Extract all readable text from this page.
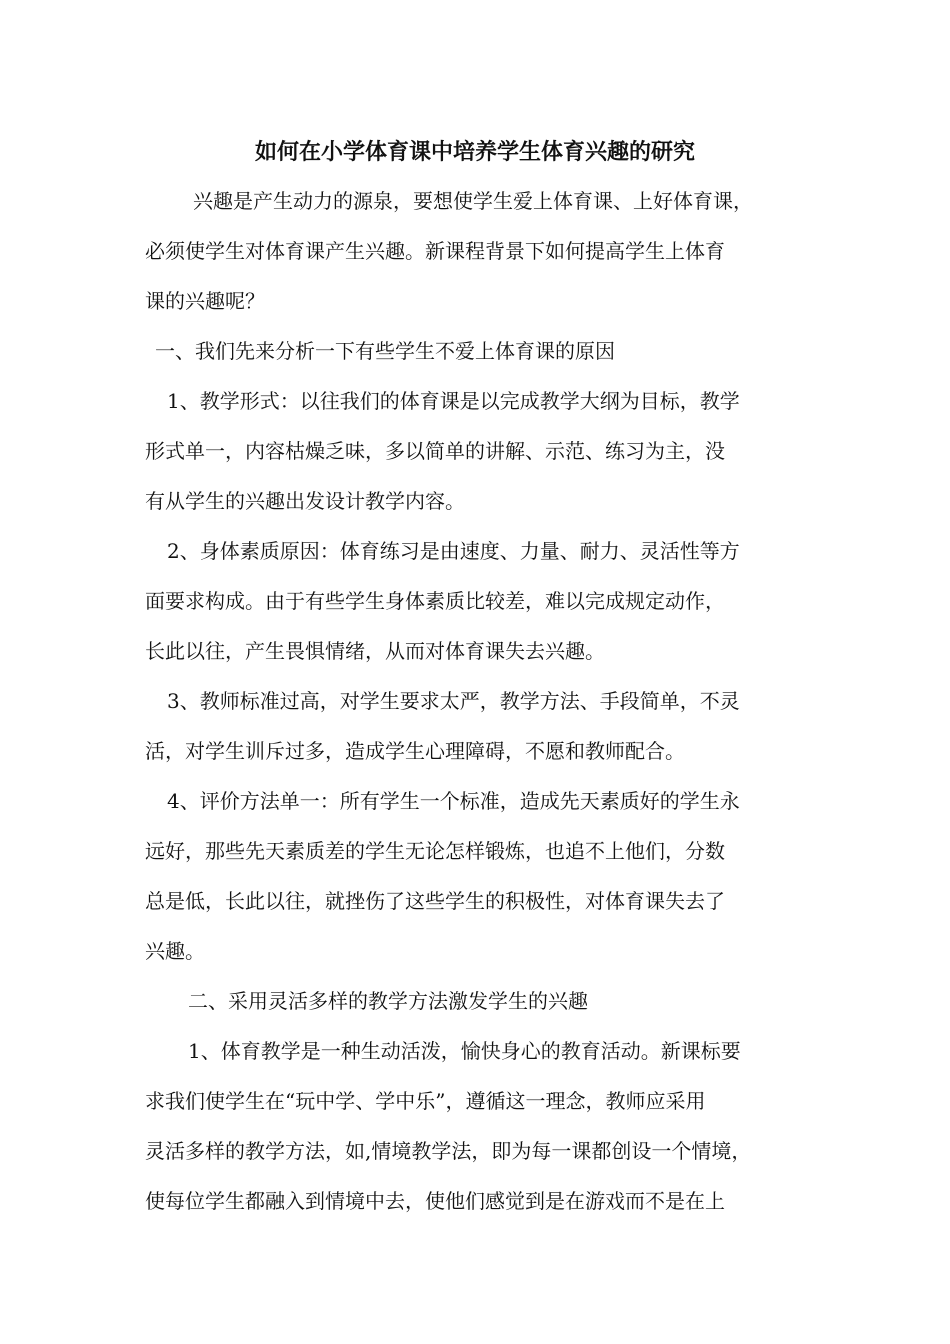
如何在小学体育课中培养学生体育兴趣的研究
兴趣是产生动力的源泉，要想使学生爱上体育课、上好体育课，
必须使学生对体育课产生兴趣。新课程背景下如何提高学生上体育
课的兴趣呢？
一、我们先来分析一下有些学生不爱上体育课的原因
1、教学形式：以往我们的体育课是以完成教学大纲为目标，教学
形式单一，内容枯燥乏味，多以简单的讲解、示范、练习为主，没
有从学生的兴趣出发设计教学内容。
2、身体素质原因：体育练习是由速度、力量、耐力、灵活性等方
面要求构成。由于有些学生身体素质比较差，难以完成规定动作，
长此以往，产生畏惧情绪，从而对体育课失去兴趣。
3、教师标准过高，对学生要求太严，教学方法、手段简单，不灵
活，对学生训斥过多，造成学生心理障碍，不愿和教师配合。
4、评价方法单一：所有学生一个标准，造成先天素质好的学生永
远好，那些先天素质差的学生无论怎样锻炼，也追不上他们，分数
总是低，长此以往，就挫伤了这些学生的积极性，对体育课失去了
兴趣。
二、采用灵活多样的教学方法激发学生的兴趣
1、体育教学是一种生动活泼，愉快身心的教育活动。新课标要
求我们使学生在“玩中学、学中乐”，遵循这一理念，教师应采用
灵活多样的教学方法，如,情境教学法，即为每一课都创设一个情境，
使每位学生都融入到情境中去，使他们感觉到是在游戏而不是在上
